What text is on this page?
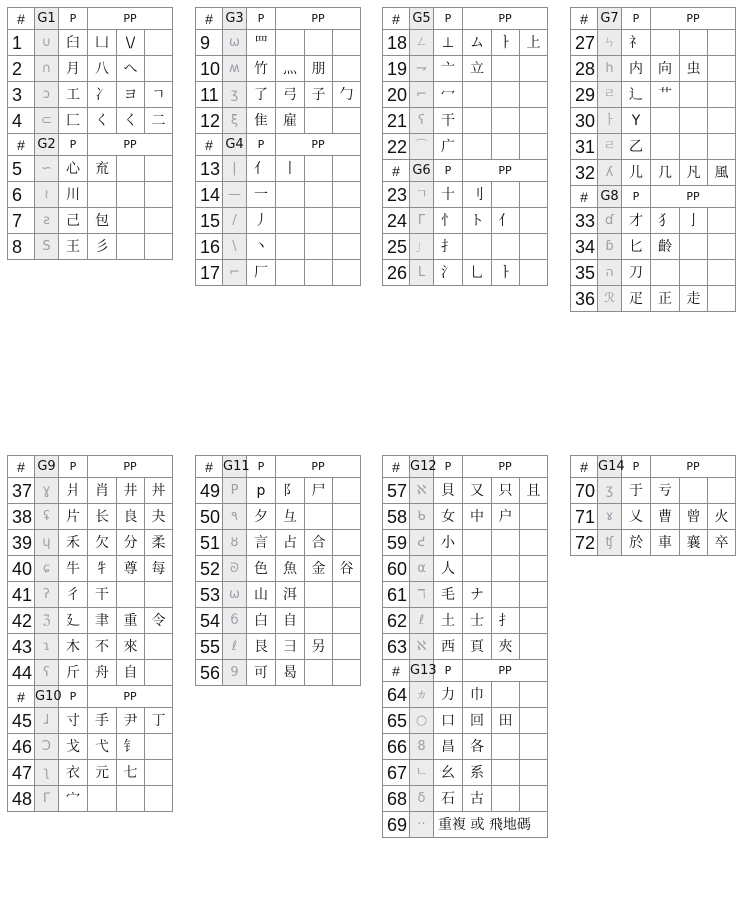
#	G1	P	PP		
1	∪	臼	凵	\/	
2	∩	月	八	へ	
3	ɔ	工	冫	ヨ	ㄱ
4	⊂	匚	く	く	二
#	G2	P	PP		
5	∽	心	㐬		
6	≀	川			
7	ƨ	己	包		
8	S	王	彡		
#	G3	P	PP		
9	ω	罒			
10	ʍ	竹	灬	朋	
11	ʒ	了	弓	子	勹
12	ξ	隹	雇		
#	G4	P	PP		
13	|	亻	丨		
14	—	一			
15	/	丿			
16	\	丶			
17	⌐	厂			
#	G5	P	PP		
18	ㄥ	⊥	ム	ㅏ	上
19	⇁	亠	立		
20	⌐	冖			
21	ʕ	干			
22	⌒	广			
#	G6	P	PP		
23	ㄱ	十	刂		
24	Γ	忄	ト	亻	
25	」	扌			
26	L	氵	乚	ㅏ	
#	G7	P	PP		
27	ㄣ	礻			
28	h	内	向	虫	
29	ㄹ	辶	艹		
30	ㅏ	Y			
31	ㄹ	乙			
32	ʎ	儿	几	凡	風
#	G8	P	PP		
33	ɗ	才	犭	亅	
34	ɓ	匕	齡		
35	ה	刀			
36	ℛ	疋	正	走	
#	G9	P	PP		
37	ɣ	爿	肖	井	丼
38	ʢ	片	长	良	夬
39	ɥ	禾	欠	分	柔
40	ɕ	牛	牜	尊	每
41	ʔ	彳	干		
42	ℨ	廴	聿	重	令
43	ɿ	木	不	來	
44	ʕ	斤	舟	自	
#	G10	P	PP		
45	ɺ	寸	手	尹	丁
46	Ↄ	戈	弋	钅	
47	ʅ	衣	元	七	
48	ᒥ	宀			
#	G11	P	PP		
49	P	p	阝	尸	
50	٩	夕	彑		
51	ȣ	言	占	合	
52	ᘐ	色	魚	金	谷
53	ω	山	洱		
54	б	白	自		
55	ℓ	艮	彐	另	
56	9	可	曷		
#	G12	P	PP		
57	ℵ	貝	又	只	且
58	ᑲ	女	中	户	
59	ᕍ	小			
60	α	人			
61	ℸ	毛	ナ		
62	ℓ	土	士	扌	
63	ℵ	西	頁	夾	
#	G13	P	PP		
64	ヵ	力	巾		
65	○	口	回	田	
66	8	昌	各		
67	ㄴ	幺	系		
68	δ	石	古		
69	··	重複 或 飛地碼			
#	G14	P	PP		
70	ʒ	于	亏		
71	ɤ	乂	曹	曾	火
72	ʧ	於	車	襄	卒
